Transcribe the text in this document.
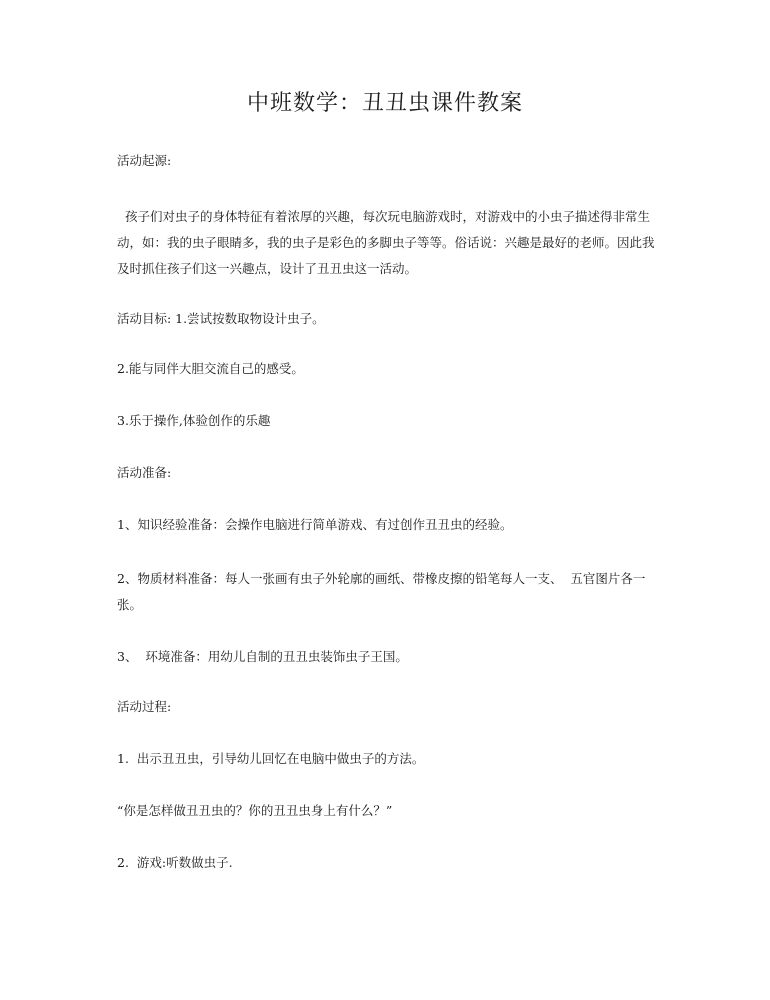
中班数学：丑丑虫课件教案

活动起源:

孩子们对虫子的身体特征有着浓厚的兴趣，每次玩电脑游戏时，对游戏中的小虫子描述得非常生动，如：我的虫子眼睛多，我的虫子是彩色的多脚虫子等等。俗话说：兴趣是最好的老师。因此我及时抓住孩子们这一兴趣点，设计了丑丑虫这一活动。

活动目标: 1.尝试按数取物设计虫子。

2.能与同伴大胆交流自己的感受。

3.乐于操作,体验创作的乐趣

活动准备:

1、知识经验准备：会操作电脑进行简单游戏、有过创作丑丑虫的经验。

2、物质材料准备：每人一张画有虫子外轮廓的画纸、带橡皮擦的铅笔每人一支、  五官图片各一张。

3、  环境准备：用幼儿自制的丑丑虫装饰虫子王国。

活动过程:

1.  出示丑丑虫，引导幼儿回忆在电脑中做虫子的方法。

“你是怎样做丑丑虫的？你的丑丑虫身上有什么？”

2.  游戏:听数做虫子.
